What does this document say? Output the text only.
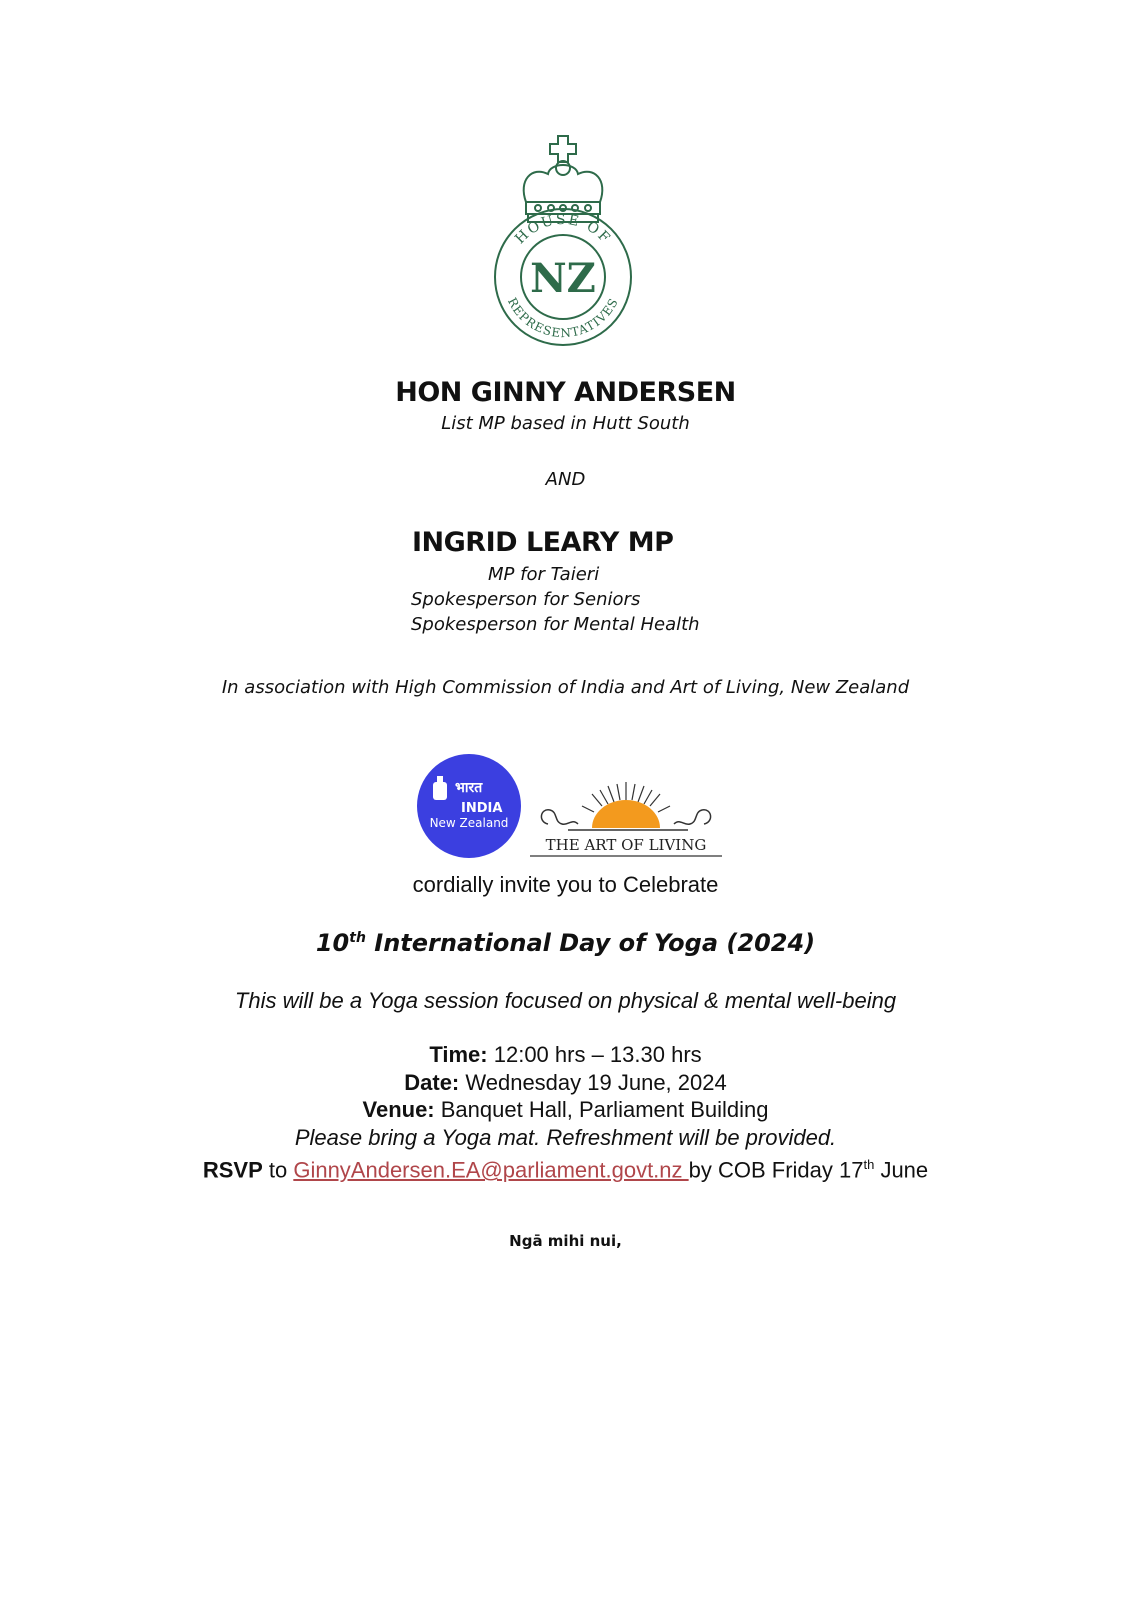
HOUSE OF
REPRESENTATIVES
NZ
HON GINNY ANDERSEN
List MP based in Hutt South
AND
INGRID LEARY MP
MP for Taieri
Spokesperson for Seniors
Spokesperson for Mental Health
In association with High Commission of India and Art of Living, New Zealand
भारत
INDIA
New Zealand
THE ART OF LIVING
cordially invite you to Celebrate
10th International Day of Yoga (2024)
This will be a Yoga session focused on physical & mental well-being
Time: 12:00 hrs – 13.30 hrs
Date: Wednesday 19 June, 2024
Venue: Banquet Hall, Parliament Building
Please bring a Yoga mat. Refreshment will be provided.
RSVP to GinnyAndersen.EA@parliament.govt.nz by COB Friday 17th June
Ngā mihi nui,
